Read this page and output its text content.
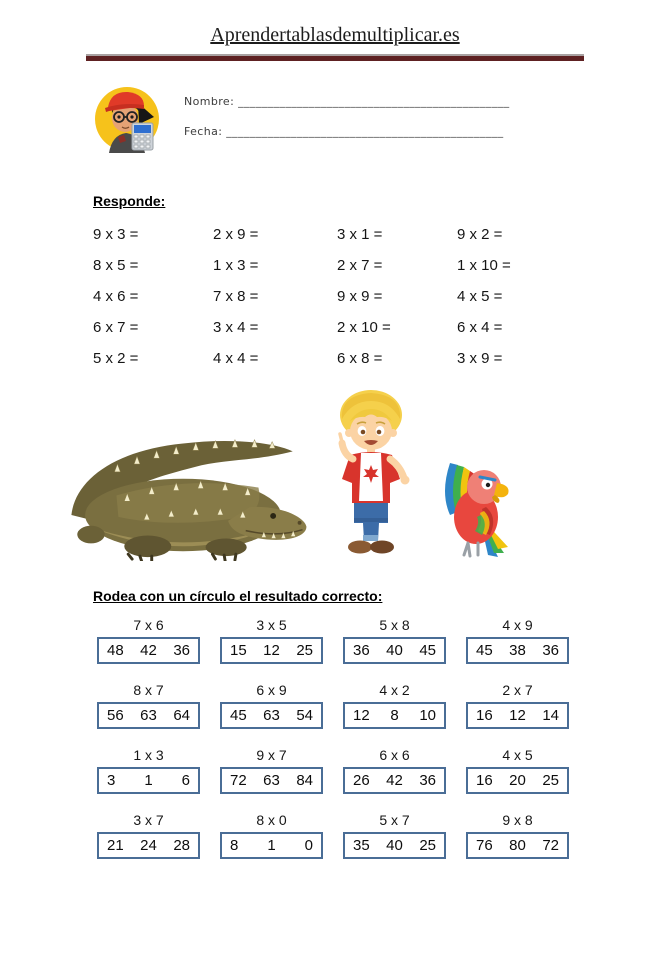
Aprendertablasdemultiplicar.es
Nombre: ______________________________________________
Fecha: _______________________________________________
Responde:
9 x 3 =	2 x 9 =	3 x 1 =	9 x 2 =
8 x 5 =	1 x 3 =	2 x 7 =	1 x 10 =
4 x 6 =	7 x 8 =	9 x 9 =	4 x 5 =
6 x 7 =	3 x 4 =	2 x 10 =	6 x 4 =
5 x 2 =	4 x 4 =	6 x 8 =	3 x 9 =
Rodea con un círculo el resultado correcto:
7 x 6
48 42 36
3 x 5
15 12 25
5 x 8
36 40 45
4 x 9
45 38 36
8 x 7
56 63 64
6 x 9
45 63 54
4 x 2
12 8 10
2 x 7
16 12 14
1 x 3
3 1 6
9 x 7
72 63 84
6 x 6
26 42 36
4 x 5
16 20 25
3 x 7
21 24 28
8 x 0
8 1 0
5 x 7
35 40 25
9 x 8
76 80 72
